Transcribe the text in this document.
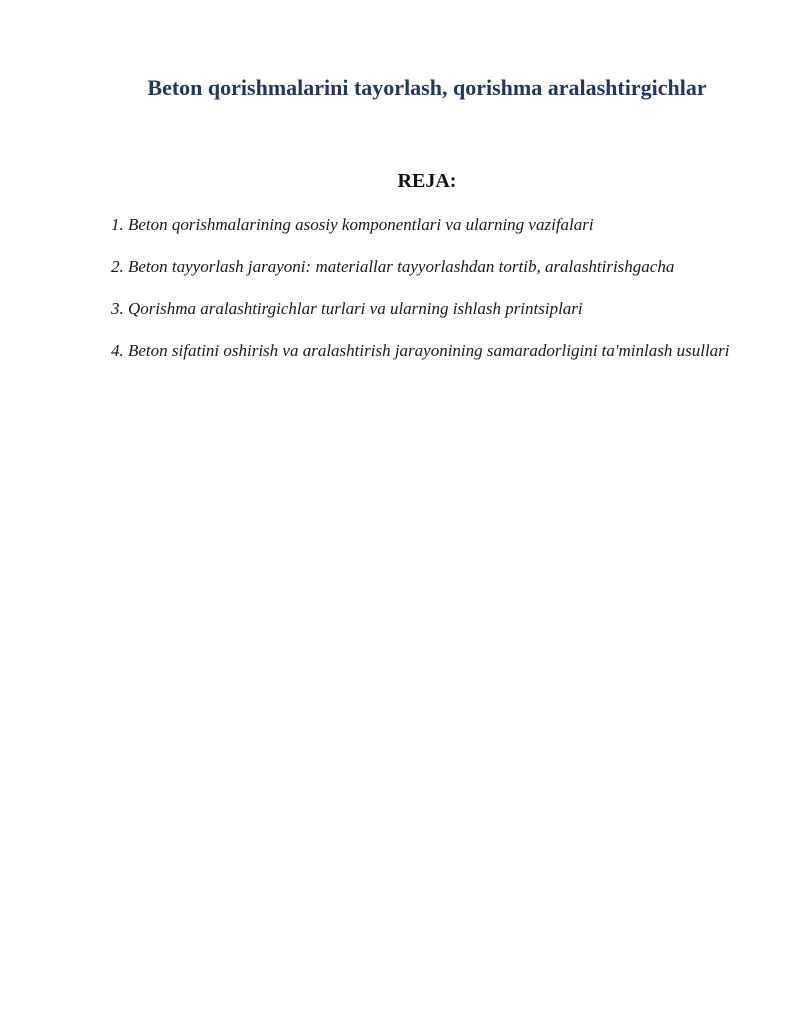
Beton qorishmalarini tayorlash, qorishma aralashtirgichlar
REJA:
1. Beton qorishmalarining asosiy komponentlari va ularning vazifalari
2. Beton tayyorlash jarayoni: materiallar tayyorlashdan tortib, aralashtirishgacha
3. Qorishma aralashtirgichlar turlari va ularning ishlash printsiplari
4. Beton sifatini oshirish va aralashtirish jarayonining samaradorligini ta'minlash usullari
